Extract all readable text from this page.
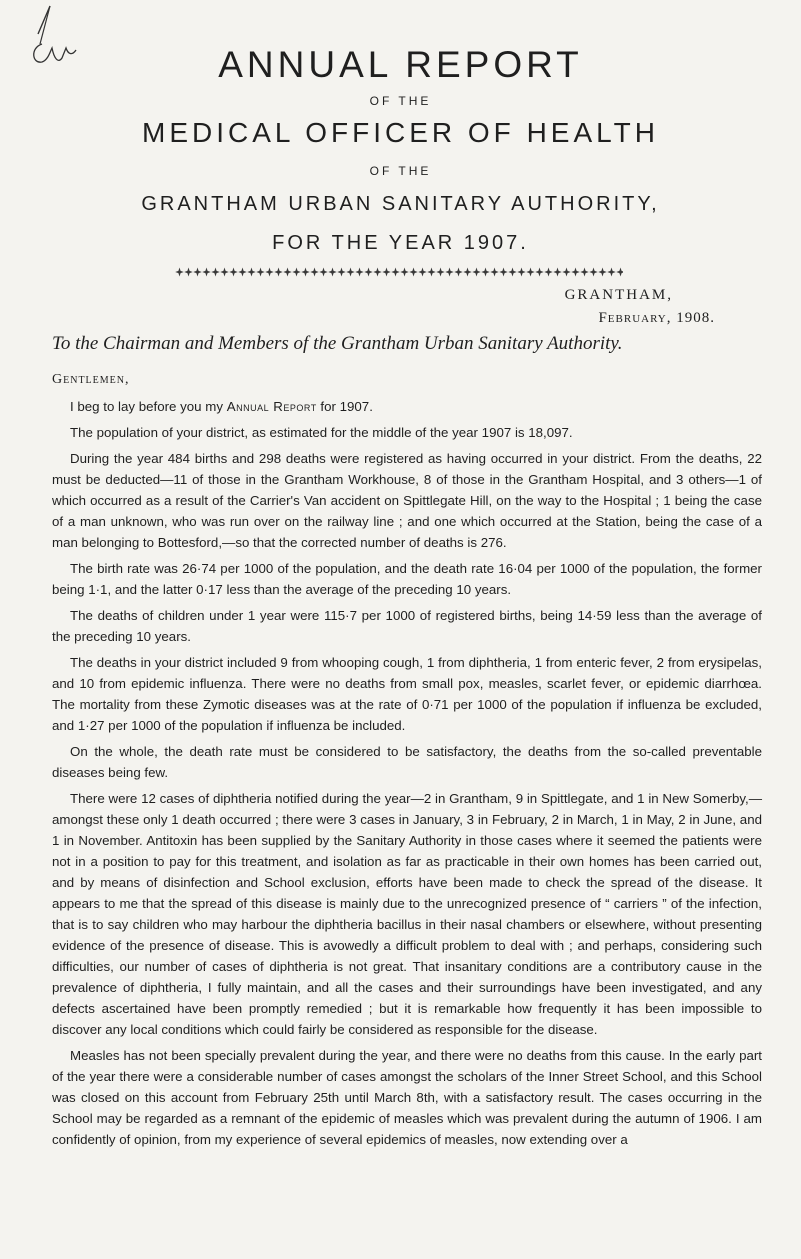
ANNUAL REPORT
OF THE
MEDICAL OFFICER OF HEALTH
OF THE
GRANTHAM URBAN SANITARY AUTHORITY,
FOR THE YEAR 1907.
GRANTHAM,
February, 1908.
To the Chairman and Members of the Grantham Urban Sanitary Authority.
Gentlemen,

I beg to lay before you my Annual Report for 1907.

The population of your district, as estimated for the middle of the year 1907 is 18,097.

During the year 484 births and 298 deaths were registered as having occurred in your district. From the deaths, 22 must be deducted—11 of those in the Grantham Workhouse, 8 of those in the Grantham Hospital, and 3 others—1 of which occurred as a result of the Carrier's Van accident on Spittlegate Hill, on the way to the Hospital ; 1 being the case of a man unknown, who was run over on the railway line ; and one which occurred at the Station, being the case of a man belonging to Bottesford,—so that the corrected number of deaths is 276.

The birth rate was 26·74 per 1000 of the population, and the death rate 16·04 per 1000 of the population, the former being 1·1, and the latter 0·17 less than the average of the preceding 10 years.

The deaths of children under 1 year were 115·7 per 1000 of registered births, being 14·59 less than the average of the preceding 10 years.

The deaths in your district included 9 from whooping cough, 1 from diphtheria, 1 from enteric fever, 2 from erysipelas, and 10 from epidemic influenza. There were no deaths from small pox, measles, scarlet fever, or epidemic diarrhœa. The mortality from these Zymotic diseases was at the rate of 0·71 per 1000 of the population if influenza be excluded, and 1·27 per 1000 of the population if influenza be included.

On the whole, the death rate must be considered to be satisfactory, the deaths from the so-called preventable diseases being few.

There were 12 cases of diphtheria notified during the year—2 in Grantham, 9 in Spittlegate, and 1 in New Somerby,—amongst these only 1 death occurred ; there were 3 cases in January, 3 in February, 2 in March, 1 in May, 2 in June, and 1 in November. Antitoxin has been supplied by the Sanitary Authority in those cases where it seemed the patients were not in a position to pay for this treatment, and isolation as far as practicable in their own homes has been carried out, and by means of disinfection and School exclusion, efforts have been made to check the spread of the disease. It appears to me that the spread of this disease is mainly due to the unrecognized presence of “ carriers ” of the infection, that is to say children who may harbour the diphtheria bacillus in their nasal chambers or elsewhere, without presenting evidence of the presence of disease. This is avowedly a difficult problem to deal with ; and perhaps, considering such difficulties, our number of cases of diphtheria is not great. That insanitary conditions are a contributory cause in the prevalence of diphtheria, I fully maintain, and all the cases and their surroundings have been investigated, and any defects ascertained have been promptly remedied ; but it is remarkable how frequently it has been impossible to discover any local conditions which could fairly be considered as responsible for the disease.

Measles has not been specially prevalent during the year, and there were no deaths from this cause. In the early part of the year there were a considerable number of cases amongst the scholars of the Inner Street School, and this School was closed on this account from February 25th until March 8th, with a satisfactory result. The cases occurring in the School may be regarded as a remnant of the epidemic of measles which was prevalent during the autumn of 1906. I am confidently of opinion, from my experience of several epidemics of measles, now extending over a
